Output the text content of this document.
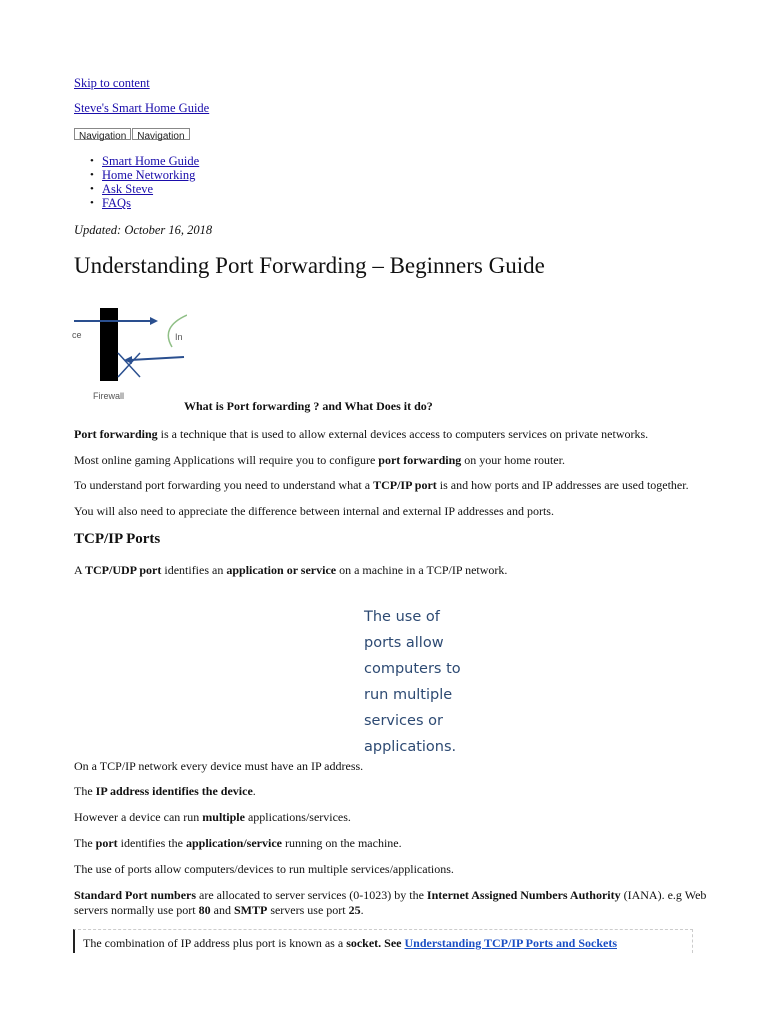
Skip to content
Steve's Smart Home Guide
Navigation	Navigation
• Smart Home Guide
• Home Networking
• Ask Steve
• FAQs
Updated: October 16, 2018
Understanding Port Forwarding – Beginners Guide
In
ce
Firewall
What is Port forwarding ? and What Does it do?
Port forwarding is a technique that is used to allow external devices access to computers services on private networks.
Most online gaming Applications will require you to configure port forwarding on your home router.
To understand port forwarding you need to understand what a TCP/IP port is and how ports and IP addresses are used together.
You will also need to appreciate the difference between internal and external IP addresses and ports.
TCP/IP Ports
A TCP/UDP port identifies an application or service on a machine in a TCP/IP network.
The use of
ports allow
computers to
run multiple
services or
applications.
On a TCP/IP network every device must have an IP address.
The IP address identifies the device.
However a device can run multiple applications/services.
The port identifies the application/service running on the machine.
The use of ports allow computers/devices to run multiple services/applications.
Standard Port numbers are allocated to server services (0-1023) by the Internet Assigned Numbers Authority (IANA). e.g Web
servers normally use port 80 and SMTP servers use port 25.
The combination of IP address plus port is known as a socket. See Understanding TCP/IP Ports and Sockets
